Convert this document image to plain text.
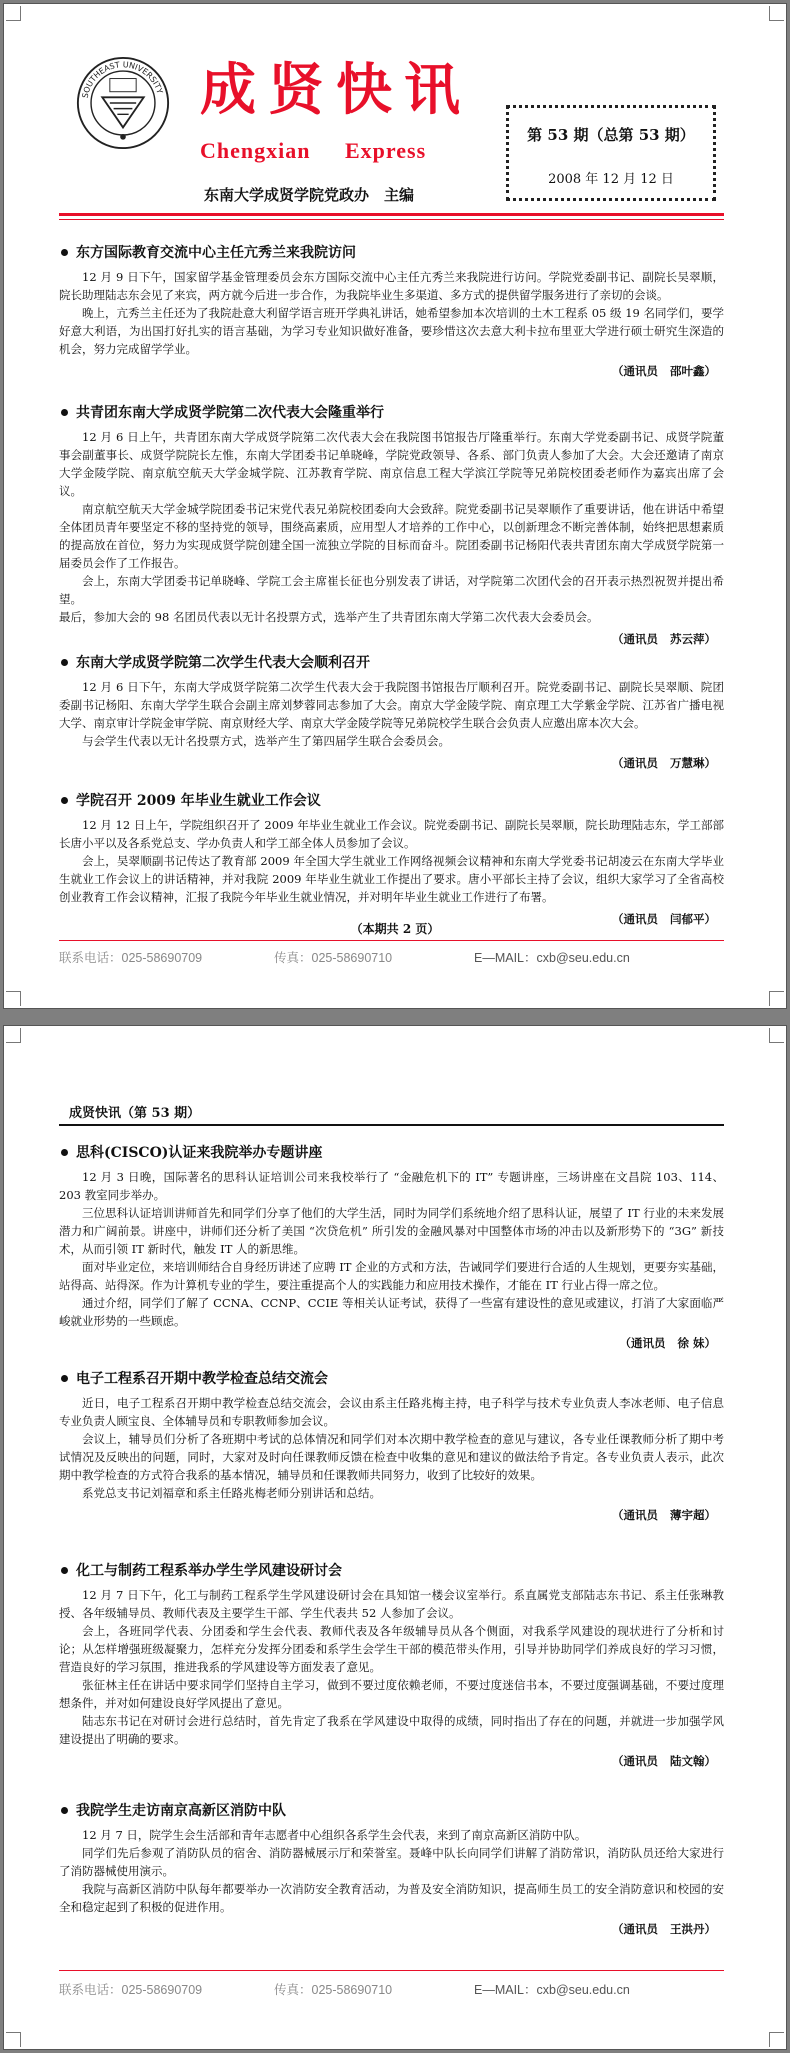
SOUTHEAST UNIVERSITY 成贤快讯
Chengxian Express
东南大学成贤学院党政办　主编
第 53 期（总第 53 期）
2008 年 12 月 12 日
东方国际教育交流中心主任亢秀兰来我院访问

12 月 9 日下午，国家留学基金管理委员会东方国际交流中心主任亢秀兰来我院进行访问。学院党委副书记、副院长吴翠顺，院长助理陆志东会见了来宾，两方就今后进一步合作，为我院毕业生多渠道、多方式的提供留学服务进行了亲切的会谈。

晚上，亢秀兰主任还为了我院赴意大利留学语言班开学典礼讲话，她希望参加本次培训的土木工程系 05 级 19 名同学们，要学好意大利语，为出国打好扎实的语言基础，为学习专业知识做好准备，要珍惜这次去意大利卡拉布里亚大学进行硕士研究生深造的机会，努力完成留学学业。

（通讯员 邵叶鑫）
共青团东南大学成贤学院第二次代表大会隆重举行

12 月 6 日上午，共青团东南大学成贤学院第二次代表大会在我院图书馆报告厅隆重举行。东南大学党委副书记、成贤学院董事会副董事长、成贤学院院长左惟，东南大学团委书记单晓峰，学院党政领导、各系、部门负责人参加了大会。大会还邀请了南京大学金陵学院、南京航空航天大学金城学院、江苏教育学院、南京信息工程大学滨江学院等兄弟院校团委老师作为嘉宾出席了会议。

南京航空航天大学金城学院团委书记宋党代表兄弟院校团委向大会致辞。院党委副书记吴翠顺作了重要讲话，他在讲话中希望全体团员青年要坚定不移的坚持党的领导，围绕高素质，应用型人才培养的工作中心，以创新理念不断完善体制，始终把思想素质的提高放在首位，努力为实现成贤学院创建全国一流独立学院的目标而奋斗。院团委副书记杨阳代表共青团东南大学成贤学院第一届委员会作了工作报告。

会上，东南大学团委书记单晓峰、学院工会主席崔长征也分别发表了讲话，对学院第二次团代会的召开表示热烈祝贺并提出希望。

最后，参加大会的 98 名团员代表以无计名投票方式，选举产生了共青团东南大学第二次代表大会委员会。

（通讯员 苏云萍）
东南大学成贤学院第二次学生代表大会顺利召开

12 月 6 日下午，东南大学成贤学院第二次学生代表大会于我院图书馆报告厅顺利召开。院党委副书记、副院长吴翠顺、院团委副书记杨阳、东南大学学生联合会副主席刘梦蓉同志参加了大会。南京大学金陵学院、南京理工大学紫金学院、江苏省广播电视大学、南京审计学院金审学院、南京财经大学、南京大学金陵学院等兄弟院校学生联合会负责人应邀出席本次大会。

与会学生代表以无计名投票方式，选举产生了第四届学生联合会委员会。

（通讯员 万慧琳）
学院召开 2009 年毕业生就业工作会议

12 月 12 日上午，学院组织召开了 2009 年毕业生就业工作会议。院党委副书记、副院长吴翠顺，院长助理陆志东，学工部部长唐小平以及各系党总支、学办负责人和学工部全体人员参加了会议。

会上，吴翠顺副书记传达了教育部 2009 年全国大学生就业工作网络视频会议精神和东南大学党委书记胡凌云在东南大学毕业生就业工作会议上的讲话精神，并对我院 2009 年毕业生就业工作提出了要求。唐小平部长主持了会议，组织大家学习了全省高校创业教育工作会议精神，汇报了我院今年毕业生就业情况，并对明年毕业生就业工作进行了布署。

（通讯员 闫郁平）
（本期共 2 页）
联系电话：025-58690709	传真：025-58690710	E—MAIL：cxb@seu.edu.cn
成贤快讯（第 53 期）
思科(CISCO)认证来我院举办专题讲座

12 月 3 日晚，国际著名的思科认证培训公司来我校举行了 “金融危机下的 IT” 专题讲座，三场讲座在文昌院 103、114、203 教室同步举办。

三位思科认证培训讲师首先和同学们分享了他们的大学生活，同时为同学们系统地介绍了思科认证，展望了 IT 行业的未来发展潜力和广阔前景。讲座中，讲师们还分析了美国 “次贷危机” 所引发的金融风暴对中国整体市场的冲击以及新形势下的 “3G” 新技术，从而引领 IT 新时代，触发 IT 人的新思维。

面对毕业定位，来培训师结合自身经历讲述了应聘 IT 企业的方式和方法，告诫同学们要进行合适的人生规划，更要夯实基础，站得高、站得深。作为计算机专业的学生，要注重提高个人的实践能力和应用技术操作，才能在 IT 行业占得一席之位。

通过介绍，同学们了解了 CCNA、CCNP、CCIE 等相关认证考试，获得了一些富有建设性的意见或建议，打消了大家面临严峻就业形势的一些顾虑。

（通讯员 徐 妹）
电子工程系召开期中教学检查总结交流会

近日，电子工程系召开期中教学检查总结交流会，会议由系主任路兆梅主持，电子科学与技术专业负责人李冰老师、电子信息专业负责人顾宝良、全体辅导员和专职教师参加会议。

会议上，辅导员们分析了各班期中考试的总体情况和同学们对本次期中教学检查的意见与建议，各专业任课教师分析了期中考试情况及反映出的问题，同时，大家对及时向任课教师反馈在检查中收集的意见和建议的做法给予肯定。各专业负责人表示，此次期中教学检查的方式符合我系的基本情况，辅导员和任课教师共同努力，收到了比较好的效果。

系党总支书记刘福章和系主任路兆梅老师分别讲话和总结。

（通讯员 薄宇超）
化工与制药工程系举办学生学风建设研讨会

12 月 7 日下午，化工与制药工程系学生学风建设研讨会在具知馆一楼会议室举行。系直属党支部陆志东书记、系主任张琳教授、各年级辅导员、教师代表及主要学生干部、学生代表共 52 人参加了会议。

会上，各班同学代表、分团委和学生会代表、教师代表及各年级辅导员从各个侧面，对我系学风建设的现状进行了分析和讨论；从怎样增强班级凝聚力，怎样充分发挥分团委和系学生会学生干部的模范带头作用，引导并协助同学们养成良好的学习习惯，营造良好的学习氛围，推进我系的学风建设等方面发表了意见。

张征林主任在讲话中要求同学们坚持自主学习，做到不要过度依赖老师，不要过度迷信书本，不要过度强调基础，不要过度理想条件，并对如何建设良好学风提出了意见。

陆志东书记在对研讨会进行总结时，首先肯定了我系在学风建设中取得的成绩，同时指出了存在的问题，并就进一步加强学风建设提出了明确的要求。

（通讯员 陆文翰）
我院学生走访南京高新区消防中队

12 月 7 日，院学生会生活部和青年志愿者中心组织各系学生会代表，来到了南京高新区消防中队。

同学们先后参观了消防队员的宿舍、消防器械展示厅和荣誉室。聂峰中队长向同学们讲解了消防常识，消防队员还给大家进行了消防器械使用演示。

我院与高新区消防中队每年都要举办一次消防安全教育活动，为普及安全消防知识，提高师生员工的安全消防意识和校园的安全和稳定起到了积极的促进作用。

（通讯员 王洪丹）
联系电话：025-58690709	传真：025-58690710	E—MAIL：cxb@seu.edu.cn
